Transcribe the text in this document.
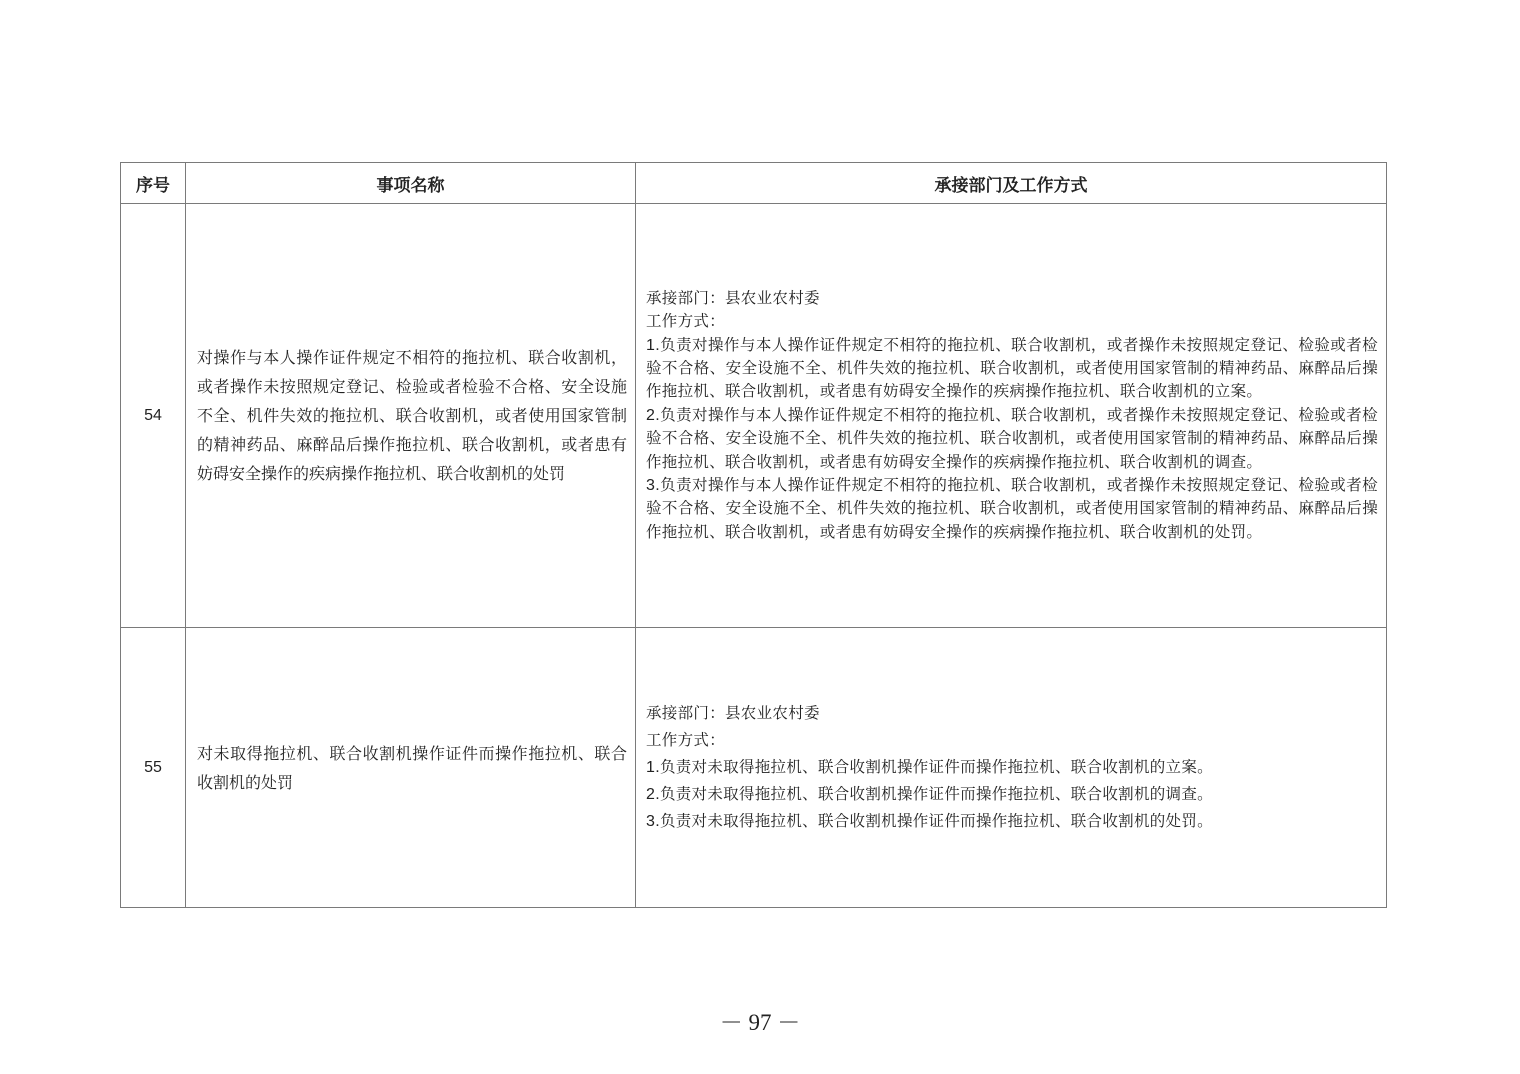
序号	事项名称	承接部门及工作方式
54	对操作与本人操作证件规定不相符的拖拉机、联合收割机，或者操作未按照规定登记、检验或者检验不合格、安全设施不全、机件失效的拖拉机、联合收割机，或者使用国家管制的精神药品、麻醉品后操作拖拉机、联合收割机，或者患有妨碍安全操作的疾病操作拖拉机、联合收割机的处罚	承接部门：县农业农村委
工作方式：
1.负责对操作与本人操作证件规定不相符的拖拉机、联合收割机，或者操作未按照规定登记、检验或者检验不合格、安全设施不全、机件失效的拖拉机、联合收割机，或者使用国家管制的精神药品、麻醉品后操作拖拉机、联合收割机，或者患有妨碍安全操作的疾病操作拖拉机、联合收割机的立案。
2.负责对操作与本人操作证件规定不相符的拖拉机、联合收割机，或者操作未按照规定登记、检验或者检验不合格、安全设施不全、机件失效的拖拉机、联合收割机，或者使用国家管制的精神药品、麻醉品后操作拖拉机、联合收割机，或者患有妨碍安全操作的疾病操作拖拉机、联合收割机的调查。
3.负责对操作与本人操作证件规定不相符的拖拉机、联合收割机，或者操作未按照规定登记、检验或者检验不合格、安全设施不全、机件失效的拖拉机、联合收割机，或者使用国家管制的精神药品、麻醉品后操作拖拉机、联合收割机，或者患有妨碍安全操作的疾病操作拖拉机、联合收割机的处罚。

55	对未取得拖拉机、联合收割机操作证件而操作拖拉机、联合收割机的处罚	承接部门：县农业农村委
工作方式：
1.负责对未取得拖拉机、联合收割机操作证件而操作拖拉机、联合收割机的立案。
2.负责对未取得拖拉机、联合收割机操作证件而操作拖拉机、联合收割机的调查。
3.负责对未取得拖拉机、联合收割机操作证件而操作拖拉机、联合收割机的处罚。
－ 97 －
